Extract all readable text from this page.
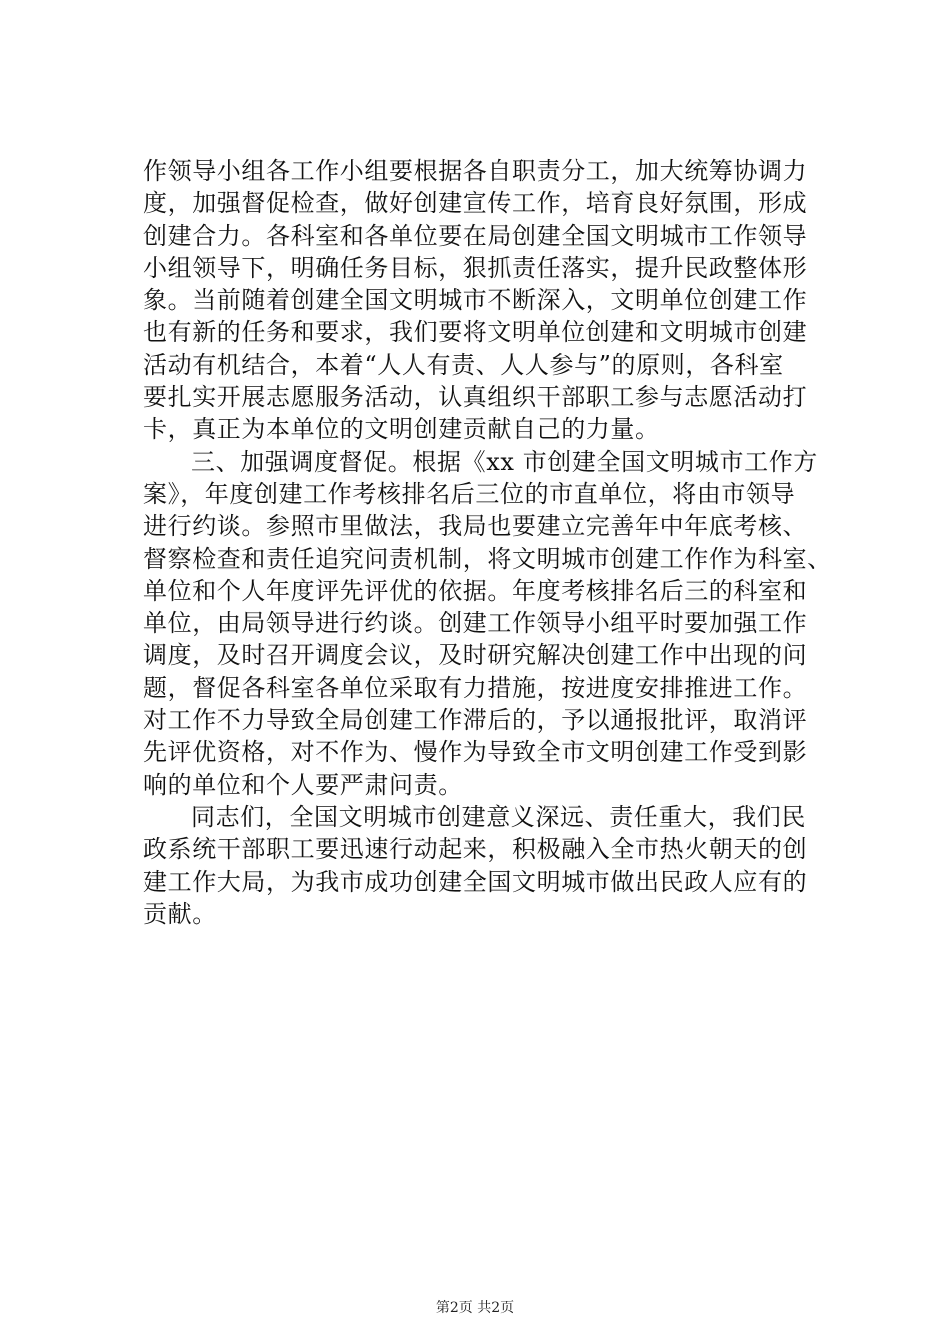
作领导小组各工作小组要根据各自职责分工，加大统筹协调力
度，加强督促检查，做好创建宣传工作，培育良好氛围，形成
创建合力。各科室和各单位要在局创建全国文明城市工作领导
小组领导下，明确任务目标，狠抓责任落实，提升民政整体形
象。当前随着创建全国文明城市不断深入，文明单位创建工作
也有新的任务和要求，我们要将文明单位创建和文明城市创建
活动有机结合，本着“人人有责、人人参与”的原则，各科室
要扎实开展志愿服务活动，认真组织干部职工参与志愿活动打
卡，真正为本单位的文明创建贡献自己的力量。
三、加强调度督促。根据《xx 市创建全国文明城市工作方
案》，年度创建工作考核排名后三位的市直单位，将由市领导
进行约谈。参照市里做法，我局也要建立完善年中年底考核、
督察检查和责任追究问责机制，将文明城市创建工作作为科室、
单位和个人年度评先评优的依据。年度考核排名后三的科室和
单位，由局领导进行约谈。创建工作领导小组平时要加强工作
调度，及时召开调度会议，及时研究解决创建工作中出现的问
题，督促各科室各单位采取有力措施，按进度安排推进工作。
对工作不力导致全局创建工作滞后的，予以通报批评，取消评
先评优资格，对不作为、慢作为导致全市文明创建工作受到影
响的单位和个人要严肃问责。
同志们，全国文明城市创建意义深远、责任重大，我们民
政系统干部职工要迅速行动起来，积极融入全市热火朝天的创
建工作大局，为我市成功创建全国文明城市做出民政人应有的
贡献。
第2页 共2页
